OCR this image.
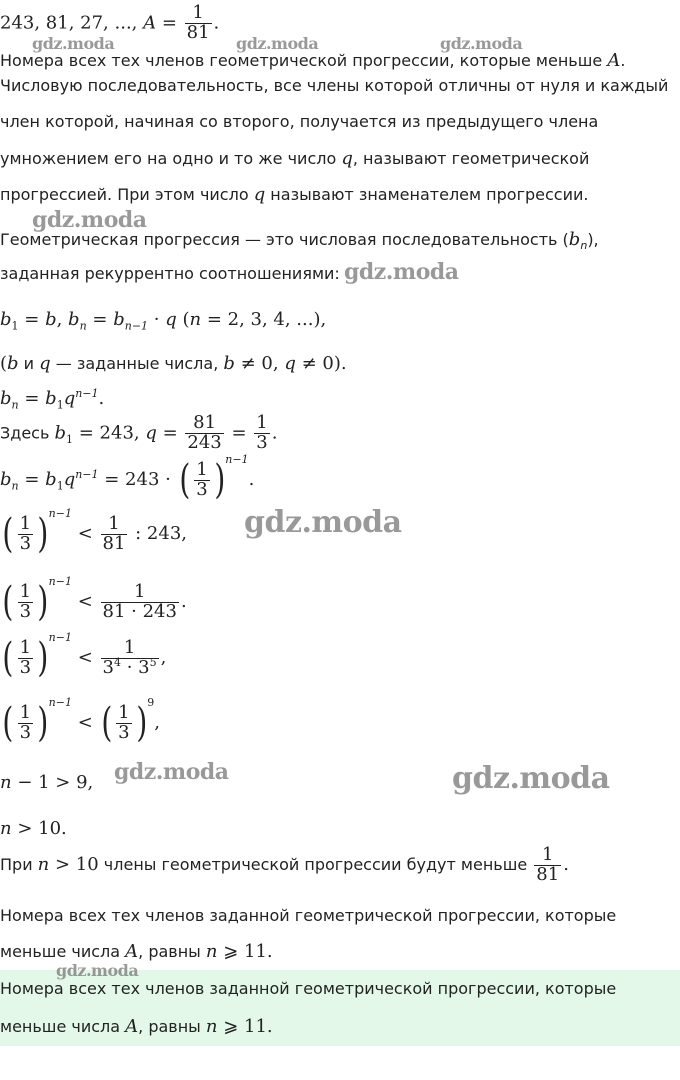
243, 81, 27, ..., $A = \frac{1}{81}$ .
Номера всех тех членов геометрической прогрессии, которые меньше A.
Числовую последовательность, все члены которой отличны от нуля и каждый
член которой, начиная со второго, получается из предыдущего члена
умножением его на одно и то же число q, называют геометрической
прогрессией. При этом число q называют знаменателем прогрессии.
Геометрическая прогрессия — это числовая последовательность $(b_n)$,
заданная рекуррентно соотношениями:
$b_1 = b$, $b_n = b_{n-1} \cdot q$ (n = 2, 3, 4, ...),
(b и q — заданные числа, b ≠ 0, q ≠ 0).
$b_n = b_1q^{n-1}$.
Здесь $b_1 = 243$, $q = \frac{81}{243} = \frac{1}{3}$ .
$b_n = b_1q^{n-1} = 243$ · ( $\frac{1}{3}$ ) $^{n-1}$.
( $\frac{1}{3}$ ) $^{n-1} < \frac{1}{81}$ : 243,
( $\frac{1}{3}$ ) $^{n-1} < \frac{1}{81 \cdot 243}$ .
( $\frac{1}{3}$ ) $^{n-1} < \frac{1}{3^4 \cdot 3^5}$ ,
( $\frac{1}{3}$ ) $^{n-1}$ < ( $\frac{1}{3}$ ) $^9$,
n − 1 > 9,
n > 10.
При n > 10 члены геометрической прогрессии будут меньше $\frac{1}{81}$ .
Номера всех тех членов заданной геометрической прогрессии, которые
меньше числа A, равны n ⩾ 11.
Номера всех тех членов заданной геометрической прогрессии, которые
меньше числа A, равны n ⩾ 11.
gdz.moda	gdz.moda	gdz.moda
gdz.moda
gdz.moda
gdz.moda
gdz.moda	gdz.moda
gdz.moda
